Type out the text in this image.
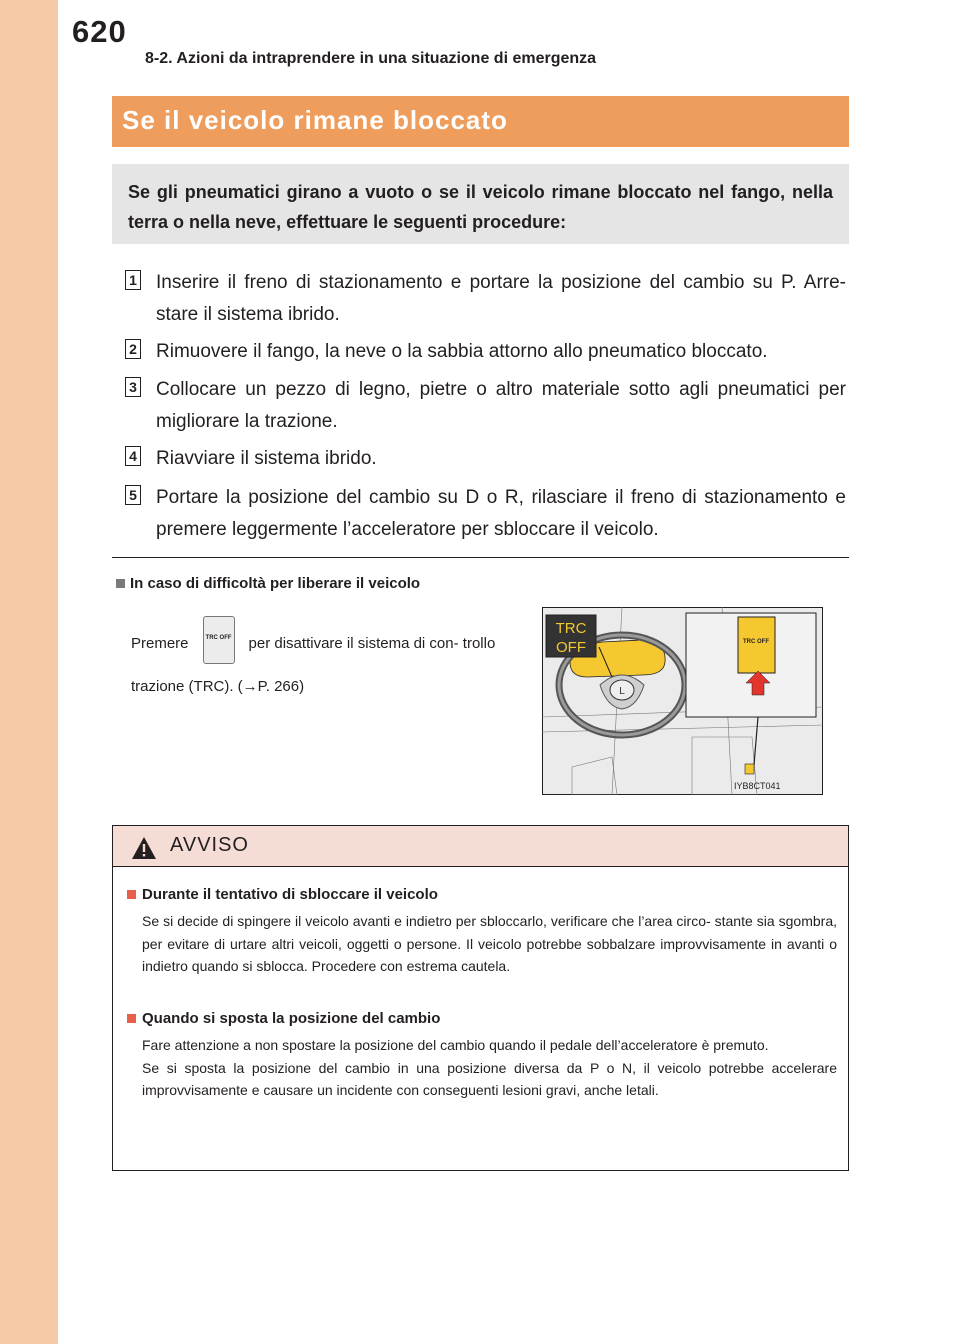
620
8-2. Azioni da intraprendere in una situazione di emergenza
Se il veicolo rimane bloccato
Se gli pneumatici girano a vuoto o se il veicolo rimane bloccato nel fango, nella terra o nella neve, effettuare le seguenti procedure:
1 Inserire il freno di stazionamento e portare la posizione del cambio su P. Arre- stare il sistema ibrido.
2 Rimuovere il fango, la neve o la sabbia attorno allo pneumatico bloccato.
3 Collocare un pezzo di legno, pietre o altro materiale sotto agli pneumatici per migliorare la trazione.
4 Riavviare il sistema ibrido.
5 Portare la posizione del cambio su D o R, rilasciare il freno di stazionamento e premere leggermente l’acceleratore per sbloccare il veicolo.
In caso di difficoltà per liberare il veicolo
Premere	TRC OFF per disattivare il sistema di con- trollo trazione (TRC). (→P. 266)	L
TRC
OFF	TRC OFF
IYB8CT041
AVVISO
Durante il tentativo di sbloccare il veicolo
Se si decide di spingere il veicolo avanti e indietro per sbloccarlo, verificare che l’area circo- stante sia sgombra, per evitare di urtare altri veicoli, oggetti o persone. Il veicolo potrebbe sobbalzare improvvisamente in avanti o indietro quando si sblocca. Procedere con estrema cautela.
Quando si sposta la posizione del cambio
Fare attenzione a non spostare la posizione del cambio quando il pedale dell’acceleratore è premuto.
Se si sposta la posizione del cambio in una posizione diversa da P o N, il veicolo potrebbe accelerare improvvisamente e causare un incidente con conseguenti lesioni gravi, anche letali.
